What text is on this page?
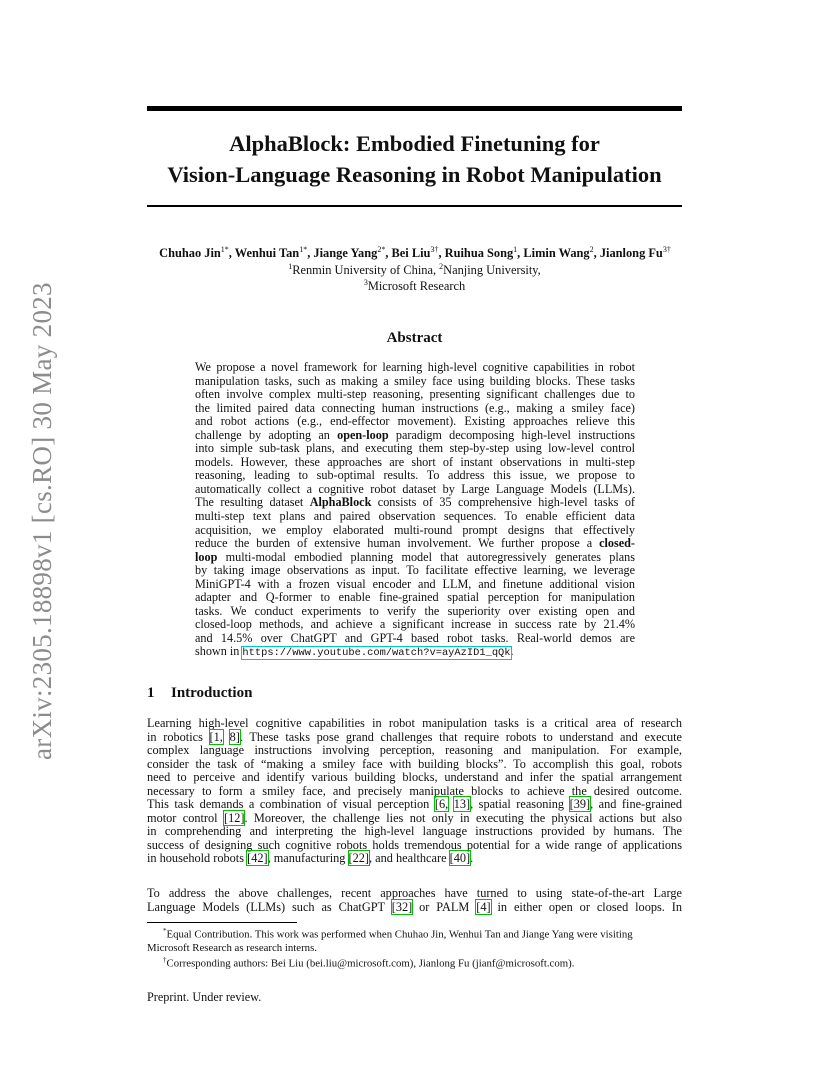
arXiv:2305.18898v1 [cs.RO] 30 May 2023
AlphaBlock: Embodied Finetuning for
Vision-Language Reasoning in Robot Manipulation
Chuhao Jin$^{1*}$, Wenhui Tan$^{1*}$, Jiange Yang$^{2*}$, Bei Liu$^{3\dagger}$, Ruihua Song$^1$, Limin Wang$^2$, Jianlong $Fu^{3\dagger}$
$^1$Renmin University of China, $^2$Nanjing University,
$^3$Microsoft Research
Abstract
We propose a novel framework for learning high-level cognitive capabilities in robot
manipulation tasks, such as making a smiley face using building blocks. These tasks
often involve complex multi-step reasoning, presenting significant challenges due to
the limited paired data connecting human instructions (e.g., making a smiley face)
and robot actions (e.g., end-effector movement). Existing approaches relieve this
challenge by adopting an open-loop paradigm decomposing high-level instructions
into simple sub-task plans, and executing them step-by-step using low-level control
models. However, these approaches are short of instant observations in multi-step
reasoning, leading to sub-optimal results. To address this issue, we propose to
automatically collect a cognitive robot dataset by Large Language Models (LLMs).
The resulting dataset AlphaBlock consists of 35 comprehensive high-level tasks of
multi-step text plans and paired observation sequences. To enable efficient data
acquisition, we employ elaborated multi-round prompt designs that effectively
reduce the burden of extensive human involvement. We further propose a closed-
loop multi-modal embodied planning model that autoregressively generates plans
by taking image observations as input. To facilitate effective learning, we leverage
MiniGPT-4 with a frozen visual encoder and LLM, and finetune additional vision
adapter and Q-former to enable fine-grained spatial perception for manipulation
tasks. We conduct experiments to verify the superiority over existing open and
closed-loop methods, and achieve a significant increase in success rate by 21.4%
and 14.5% over ChatGPT and GPT-4 based robot tasks. Real-world demos are
shown in https://www.youtube.com/watch?v=ayAzID1_qQk.
1 Introduction
Learning high-level cognitive capabilities in robot manipulation tasks is a critical area of research
in robotics [1, 8]. These tasks pose grand challenges that require robots to understand and execute
complex language instructions involving perception, reasoning and manipulation. For example,
consider the task of “making a smiley face with building blocks”. To accomplish this goal, robots
need to perceive and identify various building blocks, understand and infer the spatial arrangement
necessary to form a smiley face, and precisely manipulate blocks to achieve the desired outcome.
This task demands a combination of visual perception [6, 13], spatial reasoning [39], and fine-grained
motor control [12]. Moreover, the challenge lies not only in executing the physical actions but also
in comprehending and interpreting the high-level language instructions provided by humans. The
success of designing such cognitive robots holds tremendous potential for a wide range of applications
in household robots [42], manufacturing [22], and healthcare [40].
To address the above challenges, recent approaches have turned to using state-of-the-art Large
Language Models (LLMs) such as ChatGPT [32] or PALM [4] in either open or closed loops. In
*Equal Contribution. This work was performed when Chuhao Jin, Wenhui Tan and Jiange Yang were visiting
Microsoft Research as research interns.
†Corresponding authors: Bei Liu (bei.liu@microsoft.com), Jianlong Fu (jianf@microsoft.com).
Preprint. Under review.
